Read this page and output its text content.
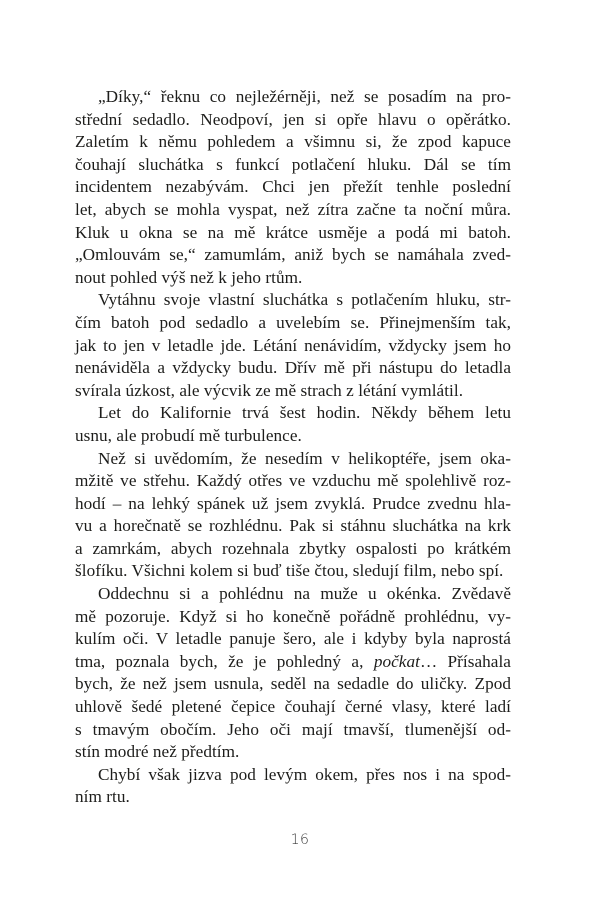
„Díky,“ řeknu co nejležérněji, než se posadím na pro-
střední sedadlo. Neodpoví, jen si opře hlavu o opěrátko.
Zaletím k němu pohledem a všimnu si, že zpod kapuce
čouhají sluchátka s funkcí potlačení hluku. Dál se tím
incidentem nezabývám. Chci jen přežít tenhle poslední
let, abych se mohla vyspat, než zítra začne ta noční můra.
Kluk u okna se na mě krátce usměje a podá mi batoh.
„Omlouvám se,“ zamumlám, aniž bych se namáhala zved-
nout pohled výš než k jeho rtům.
Vytáhnu svoje vlastní sluchátka s potlačením hluku, str-
čím batoh pod sedadlo a uvelebím se. Přinejmenším tak,
jak to jen v letadle jde. Létání nenávidím, vždycky jsem ho
nenáviděla a vždycky budu. Dřív mě při nástupu do letadla
svírala úzkost, ale výcvik ze mě strach z létání vymlátil.
Let do Kalifornie trvá šest hodin. Někdy během letu
usnu, ale probudí mě turbulence.
Než si uvědomím, že nesedím v helikoptéře, jsem oka-
mžitě ve střehu. Každý otřes ve vzduchu mě spolehlivě roz-
hodí – na lehký spánek už jsem zvyklá. Prudce zvednu hla-
vu a horečnatě se rozhlédnu. Pak si stáhnu sluchátka na krk
a zamrkám, abych rozehnala zbytky ospalosti po krátkém
šlofíku. Všichni kolem si buď tiše čtou, sledují film, nebo spí.
Oddechnu si a pohlédnu na muže u okénka. Zvědavě
mě pozoruje. Když si ho konečně pořádně prohlédnu, vy-
kulím oči. V letadle panuje šero, ale i kdyby byla naprostá
tma, poznala bych, že je pohledný a, počkat… Přísahala
bych, že než jsem usnula, seděl na sedadle do uličky. Zpod
uhlově šedé pletené čepice čouhají černé vlasy, které ladí
s tmavým obočím. Jeho oči mají tmavší, tlumenější od-
stín modré než předtím.
Chybí však jizva pod levým okem, přes nos i na spod-
ním rtu.
16
